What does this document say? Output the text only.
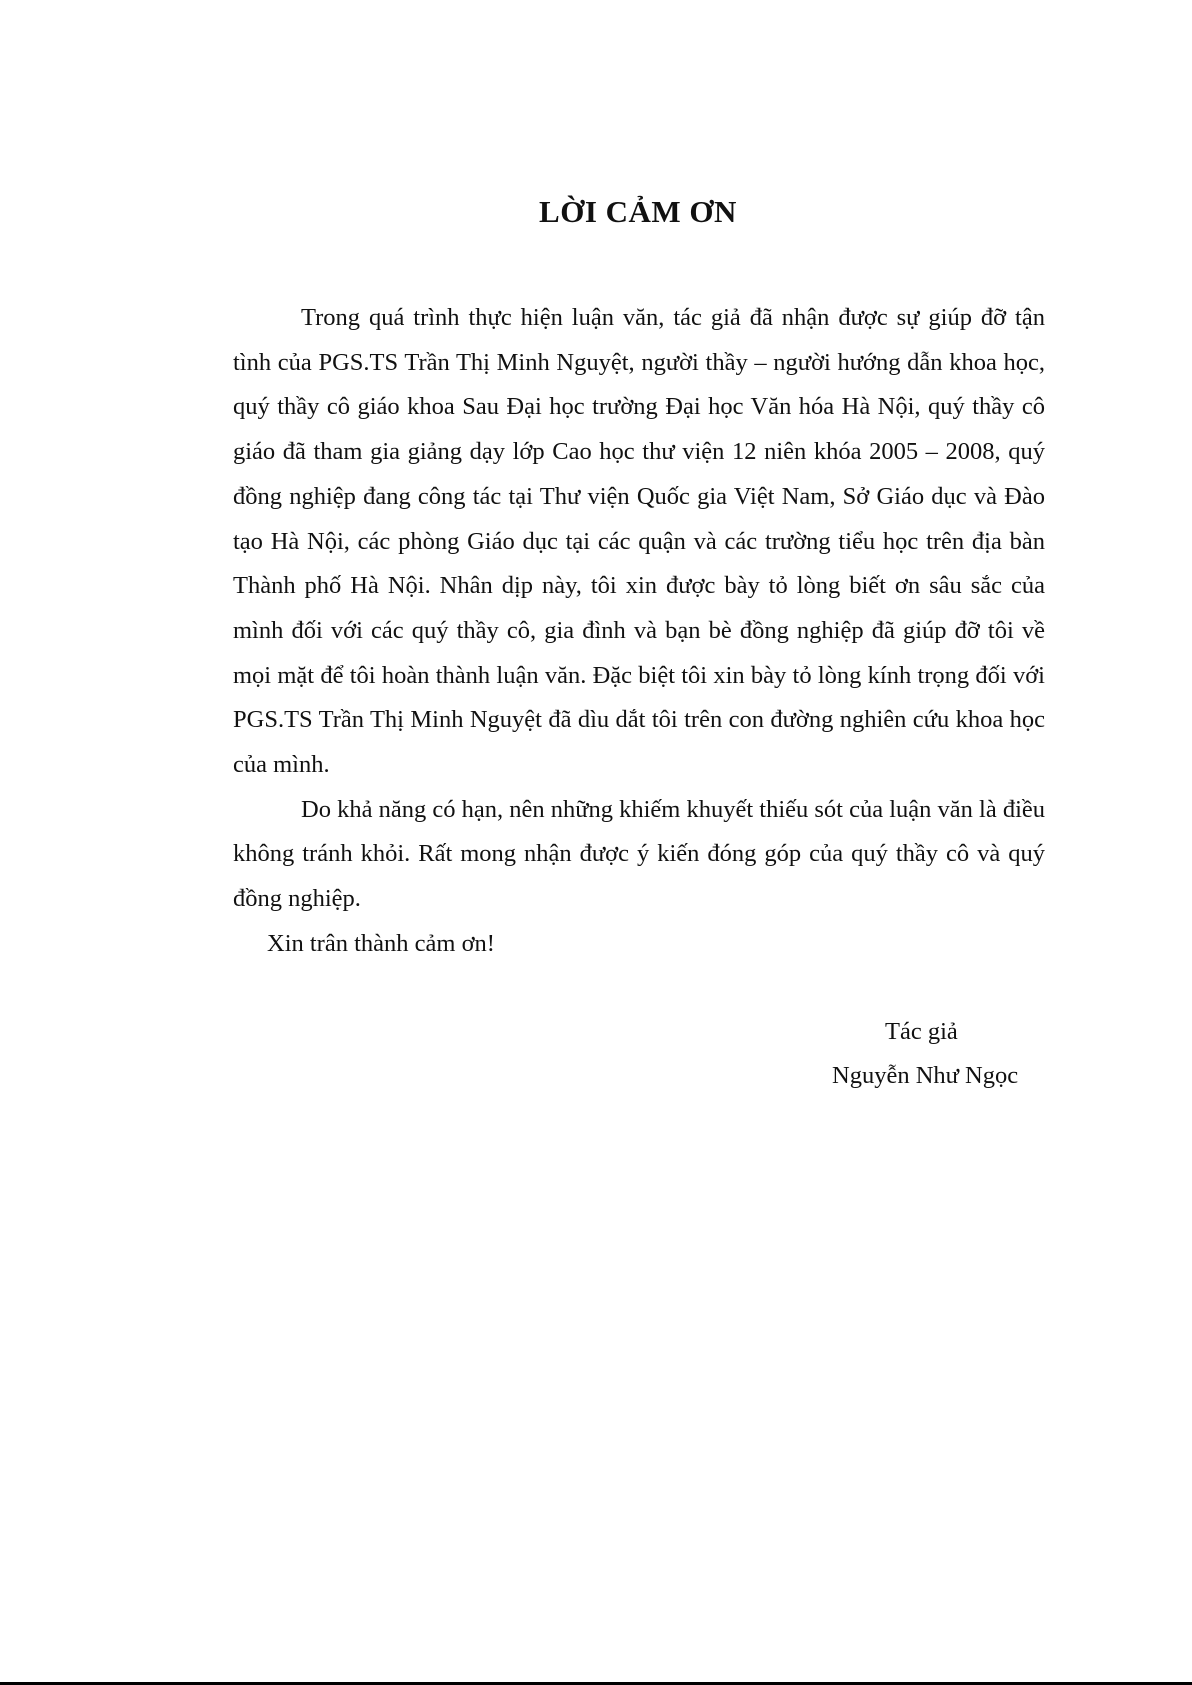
LỜI CẢM ƠN

Trong quá trình thực hiện luận văn, tác giả đã nhận được sự giúp đỡ tận tình của PGS.TS Trần Thị Minh Nguyệt, người thầy – người hướng dẫn khoa học, quý thầy cô giáo khoa Sau Đại học trường Đại học Văn hóa Hà Nội, quý thầy cô giáo đã tham gia giảng dạy lớp Cao học thư viện 12 niên khóa 2005 – 2008, quý đồng nghiệp đang công tác tại Thư viện Quốc gia Việt Nam, Sở Giáo dục và Đào tạo Hà Nội, các phòng Giáo dục tại các quận và các trường tiểu học trên địa bàn Thành phố Hà Nội. Nhân dịp này, tôi xin được bày tỏ lòng biết ơn sâu sắc của mình đối với các quý thầy cô, gia đình và bạn bè đồng nghiệp đã giúp đỡ tôi về mọi mặt để tôi hoàn thành luận văn. Đặc biệt tôi xin bày tỏ lòng kính trọng đối với PGS.TS Trần Thị Minh Nguyệt đã dìu dắt tôi trên con đường nghiên cứu khoa học của mình.

Do khả năng có hạn, nên những khiếm khuyết thiếu sót của luận văn là điều không tránh khỏi. Rất mong nhận được ý kiến đóng góp của quý thầy cô và quý đồng nghiệp.

Xin trân thành cảm ơn!

Tác giả
Nguyễn Như Ngọc
